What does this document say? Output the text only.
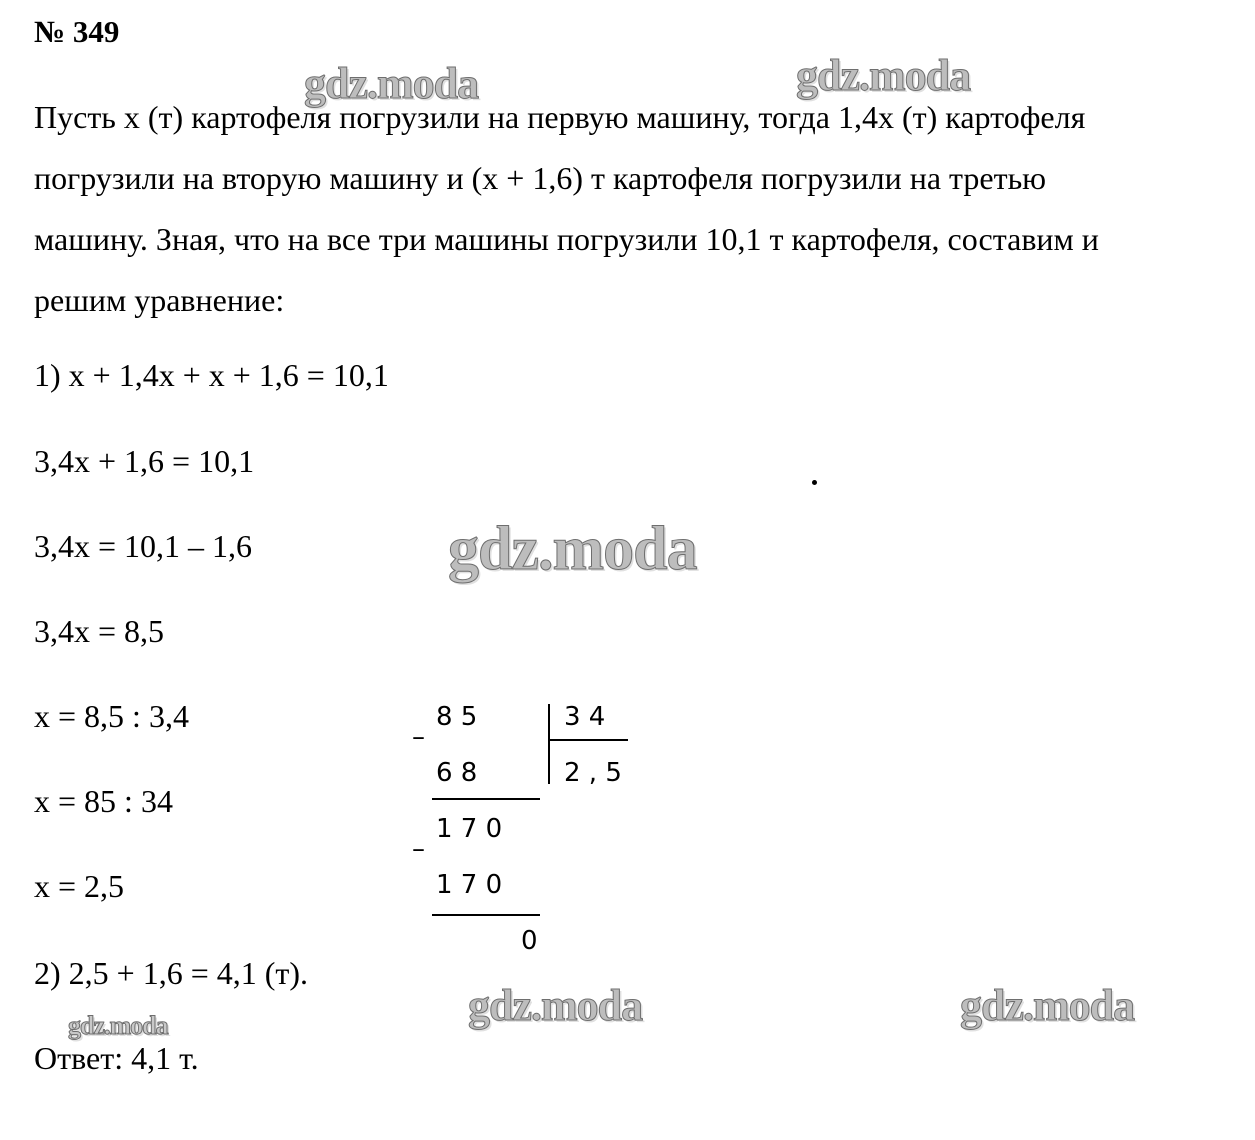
№ 349
Пусть х (т) картофеля погрузили на первую машину, тогда 1,4х (т) картофеля
погрузили на вторую машину и (х + 1,6) т картофеля погрузили на третью
машину. Зная, что на все три машины погрузили 10,1 т картофеля, составим и
решим уравнение:
1) х + 1,4х + х + 1,6 = 10,1
3,4х + 1,6 = 10,1
3,4х = 10,1 – 1,6
3,4х = 8,5
х = 8,5 : 3,4
х = 85 : 34
х = 2,5
2) 2,5 + 1,6 = 4,1 (т).
Ответ: 4,1 т.
8 5	3 4
–
6 8	2 , 5
1 7 0
–
1 7 0
0
gdz.moda	gdz.moda
gdz.moda
gdz.moda	gdz.moda
gdz.moda
